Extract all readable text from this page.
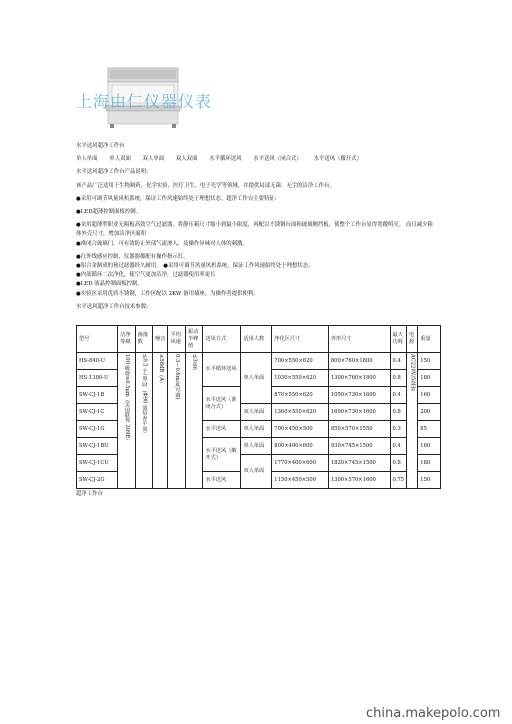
上海由仁仪器仪表

水平送风超净工作台

单人单面 单人双面 双人单面 双人双面 水平循环送风 水平送风（闭合式） 水平送风（敞开式）

水平送风超净工作台产品说明:

该产品广泛适用于生物制药、化学实验、医疗卫生、电子光学等领域，并提供局部无菌、无尘的洁净工作台。

●采用可调节风量风机系统，保证工作风速始终处于理想状态。超净工作台主要特征:

●LED超薄控制面板控制。

●采用超薄型职业无隔板高效空气过滤器，将静压箱尺寸缩小到最小限度，再配以不锈钢台面和玻璃侧挡板，使整个工作台显得宽敞明亮。 而且减少箱体外壳尺寸，增加洁净区面积

●准闭合玻璃门，可有效防止外部气流渗入，及操作异味对人体的刺激。

●红外线感应控制，仪器器都配有操作指示灯。

●铝合金制成的预过滤器经久耐用。 ●采用可调节风量风机系统，保证工作风速始终处于理想状态。

●内部循环二次净化，使空气更加洁净，过滤器使用率更长

●LED 液晶控制面板控制。

●实验区采用优质不锈钢，工作区配以 2KW 备用插座，为操作者提供便利。

水平送风超净工作台技术参数:

型号	洁净等级	菌落数	噪音	平均风速	振动半峰值	送风方式	适用人数	净化区尺寸	外形尺寸	最大功耗	电源	重量
HS-840-U	100 级@≥0.5μm（美国联邦 209E）	≤0.5 个/皿·时（Φ90 皿培养平皿）	≤58dB（A）	0.3～0.6m/s(可调)	≤3um	水平循环送风	单人单面	700×550×620	800×760×1800	0.4	AC220V/50Hz	150
HS-1300-U								1030×550×620	1300×760×1800	0.8		180
SW-CJ-1B						水平送风（准闭合式）		870×550×620	1050×730×1600	0.4		160
SW-CJ-1C							双人单面	1360×550×620	1600×730×1600	0.8		200
SW-CJ-1G						水平送风	单人单面	700×450×500	850×570×1550	0.3		85
SW-CJ-1BU						水平送风（敞开式）	单人单面	800×400×600	930×745×1500	0.4		160
SW-CJ-1CU							双人单面	1770×400×600	1820×745×1500	0.8		180
SW-CJ-2G						水平送风		1150×450×500	1300×570×1600	0.75		150
超净工作台
china.makepolo.com
